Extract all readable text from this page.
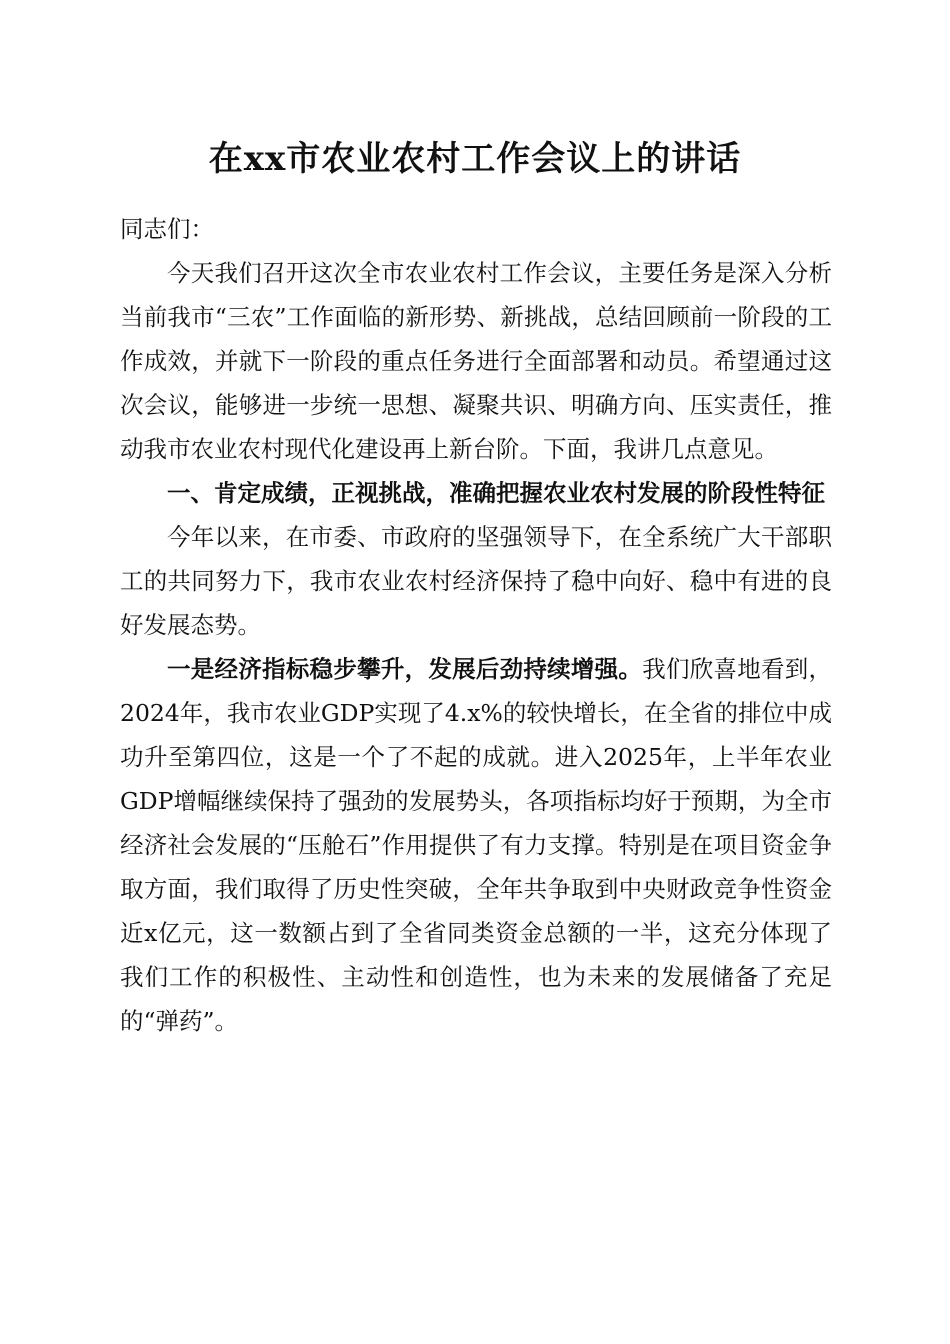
在xx市农业农村工作会议上的讲话

同志们：

今天我们召开这次全市农业农村工作会议，主要任务是深入分析当前我市“三农”工作面临的新形势、新挑战，总结回顾前一阶段的工作成效，并就下一阶段的重点任务进行全面部署和动员。希望通过这次会议，能够进一步统一思想、凝聚共识、明确方向、压实责任，推动我市农业农村现代化建设再上新台阶。下面，我讲几点意见。

一、肯定成绩，正视挑战，准确把握农业农村发展的阶段性特征

今年以来，在市委、市政府的坚强领导下，在全系统广大干部职工的共同努力下，我市农业农村经济保持了稳中向好、稳中有进的良好发展态势。

一是经济指标稳步攀升，发展后劲持续增强。我们欣喜地看到，2024年，我市农业GDP实现了4.x%的较快增长，在全省的排位中成功升至第四位，这是一个了不起的成就。进入2025年，上半年农业GDP增幅继续保持了强劲的发展势头，各项指标均好于预期，为全市经济社会发展的“压舱石”作用提供了有力支撑。特别是在项目资金争取方面，我们取得了历史性突破，全年共争取到中央财政竞争性资金近x亿元，这一数额占到了全省同类资金总额的一半，这充分体现了我们工作的积极性、主动性和创造性，也为未来的发展储备了充足的“弹药”。
